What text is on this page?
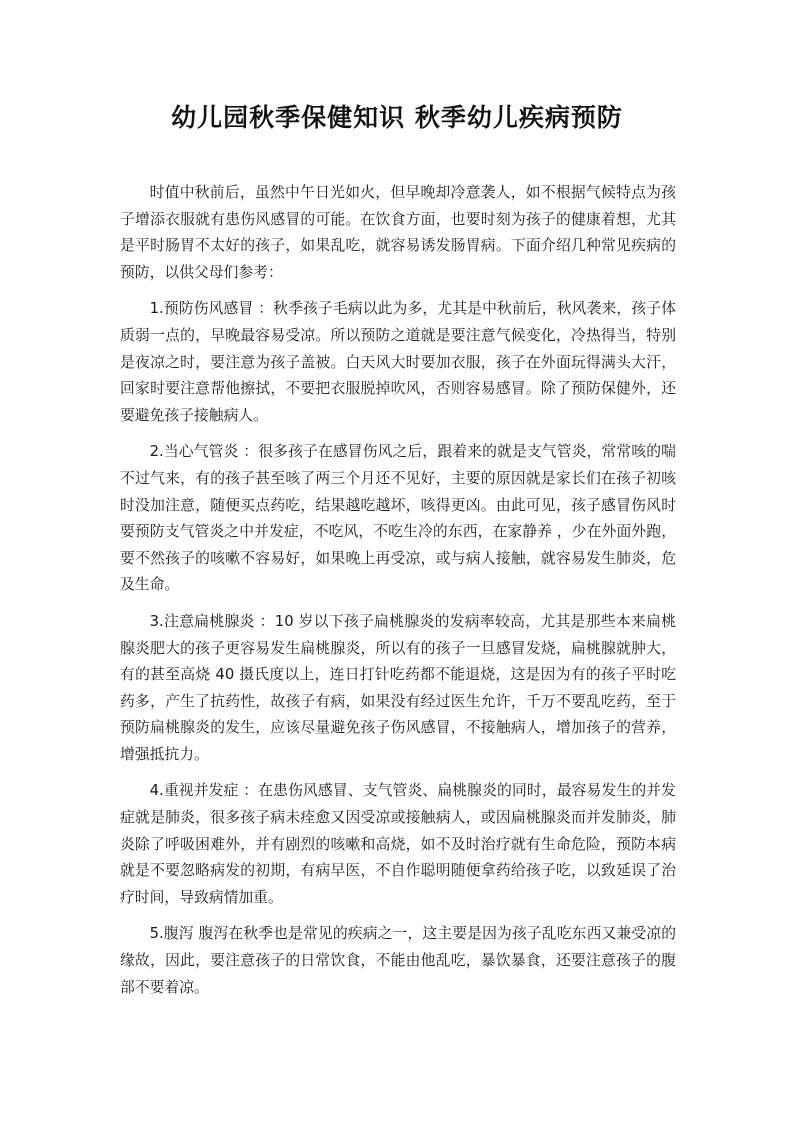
幼儿园秋季保健知识 秋季幼儿疾病预防

时值中秋前后，虽然中午日光如火，但早晚却冷意袭人，如不根据气候特点为孩子增添衣服就有患伤风感冒的可能。在饮食方面，也要时刻为孩子的健康着想，尤其是平时肠胃不太好的孩子，如果乱吃，就容易诱发肠胃病。下面介绍几种常见疾病的预防，以供父母们参考：

1.预防伤风感冒 ：秋季孩子毛病以此为多，尤其是中秋前后，秋风袭来，孩子体质弱一点的，早晚最容易受凉。所以预防之道就是要注意气候变化，冷热得当，特别是夜凉之时，要注意为孩子盖被。白天风大时要加衣服，孩子在外面玩得满头大汗，回家时要注意帮他擦拭，不要把衣服脱掉吹风，否则容易感冒。除了预防保健外，还要避免孩子接触病人。

2.当心气管炎 ：很多孩子在感冒伤风之后，跟着来的就是支气管炎，常常咳的喘不过气来，有的孩子甚至咳了两三个月还不见好，主要的原因就是家长们在孩子初咳时没加注意，随便买点药吃，结果越吃越坏，咳得更凶。由此可见，孩子感冒伤风时要预防支气管炎之中并发症，不吃风，不吃生冷的东西，在家静养 ，少在外面外跑，要不然孩子的咳嗽不容易好，如果晚上再受凉，或与病人接触，就容易发生肺炎，危及生命。

3.注意扁桃腺炎 ：10 岁以下孩子扁桃腺炎的发病率较高，尤其是那些本来扁桃腺炎肥大的孩子更容易发生扁桃腺炎，所以有的孩子一旦感冒发烧，扁桃腺就肿大，有的甚至高烧 40 摄氏度以上，连日打针吃药都不能退烧，这是因为有的孩子平时吃药多，产生了抗药性，故孩子有病，如果没有经过医生允许，千万不要乱吃药，至于预防扁桃腺炎的发生，应该尽量避免孩子伤风感冒，不接触病人，增加孩子的营养，增强抵抗力。

4.重视并发症 ：在患伤风感冒、支气管炎、扁桃腺炎的同时，最容易发生的并发症就是肺炎，很多孩子病未痊愈又因受凉或接触病人，或因扁桃腺炎而并发肺炎，肺炎除了呼吸困难外，并有剧烈的咳嗽和高烧，如不及时治疗就有生命危险，预防本病就是不要忽略病发的初期，有病早医，不自作聪明随便拿药给孩子吃，以致延误了治疗时间，导致病情加重。

5.腹泻 腹泻在秋季也是常见的疾病之一，这主要是因为孩子乱吃东西又兼受凉的缘故，因此，要注意孩子的日常饮食，不能由他乱吃，暴饮暴食，还要注意孩子的腹部不要着凉。
